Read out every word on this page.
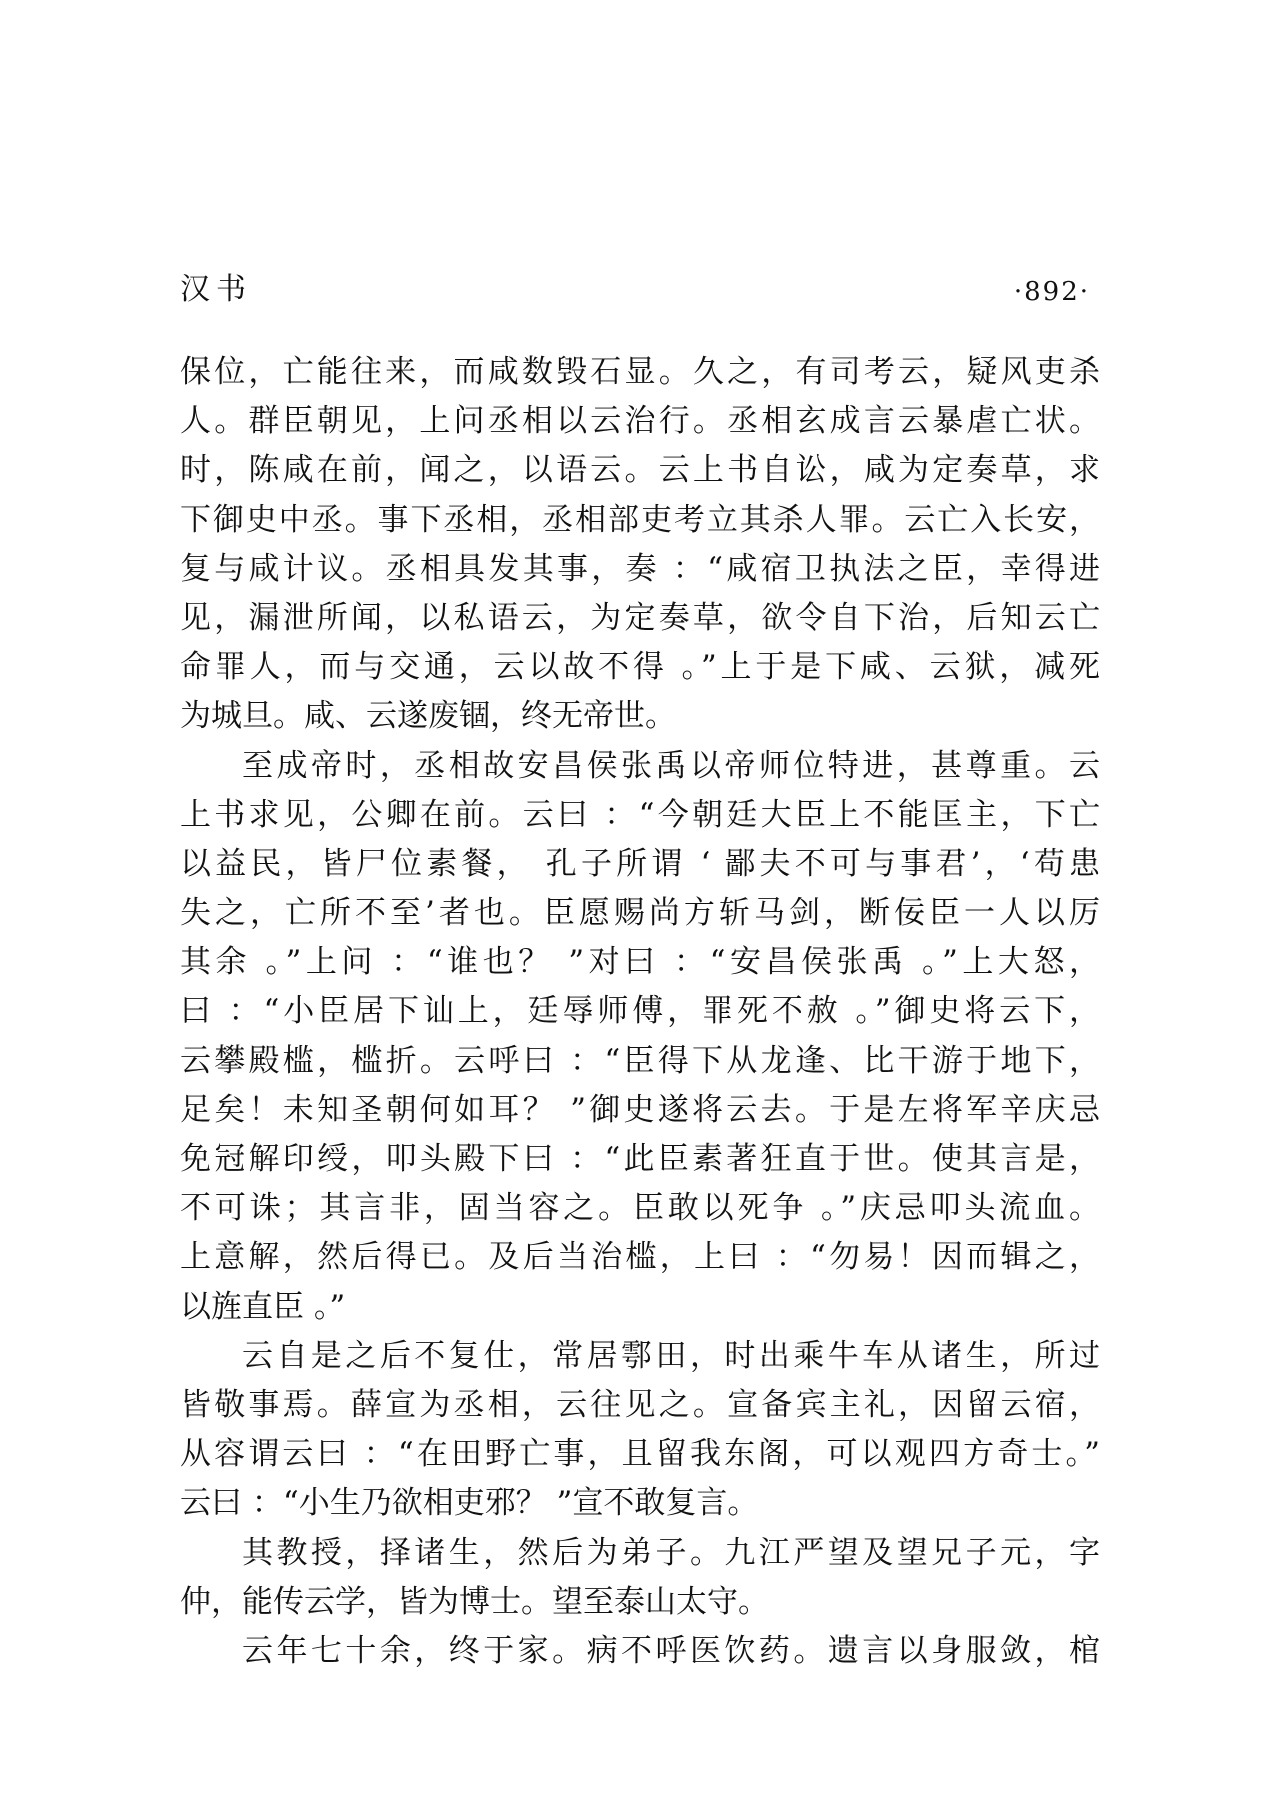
汉书	·892·
保位，亡能往来，而咸数毁石显。久之，有司考云，疑风吏杀
人。群臣朝见，上问丞相以云治行。丞相玄成言云暴虐亡状。
时，陈咸在前，闻之，以语云。云上书自讼，咸为定奏草，求
下御史中丞。事下丞相，丞相部吏考立其杀人罪。云亡入长安，
复与咸计议。丞相具发其事，奏 ：“咸宿卫执法之臣，幸得进
见，漏泄所闻，以私语云，为定奏草，欲令自下治，后知云亡
命罪人，而与交通，云以故不得 。”上于是下咸、云狱，减死
为城旦。咸、云遂废锢，终无帝世。
至成帝时，丞相故安昌侯张禹以帝师位特进，甚尊重。云
上书求见，公卿在前。云曰 ：“今朝廷大臣上不能匡主，下亡
以益民，皆尸位素餐， 孔子所谓 ‘ 鄙夫不可与事君’，‘苟患
失之，亡所不至’者也。臣愿赐尚方斩马剑，断佞臣一人以厉
其余 。”上问 ：“谁也？ ”对曰 ：“安昌侯张禹 。”上大怒，
曰 ：“小臣居下讪上，廷辱师傅，罪死不赦 。”御史将云下，
云攀殿槛，槛折。云呼曰 ：“臣得下从龙逢、比干游于地下，
足矣！未知圣朝何如耳？ ”御史遂将云去。于是左将军辛庆忌
免冠解印绶，叩头殿下曰 ：“此臣素著狂直于世。使其言是，
不可诛；其言非，固当容之。臣敢以死争 。”庆忌叩头流血。
上意解，然后得已。及后当治槛，上曰 ：“勿易！因而辑之，
以旌直臣 。”
云自是之后不复仕，常居鄠田，时出乘牛车从诸生，所过
皆敬事焉。薛宣为丞相，云往见之。宣备宾主礼，因留云宿，
从容谓云曰 ：“在田野亡事，且留我东阁，可以观四方奇士。”
云曰 ：“小生乃欲相吏邪？ ”宣不敢复言。
其教授，择诸生，然后为弟子。九江严望及望兄子元，字
仲，能传云学，皆为博士。望至泰山太守。
云年七十余，终于家。病不呼医饮药。遗言以身服敛，棺
